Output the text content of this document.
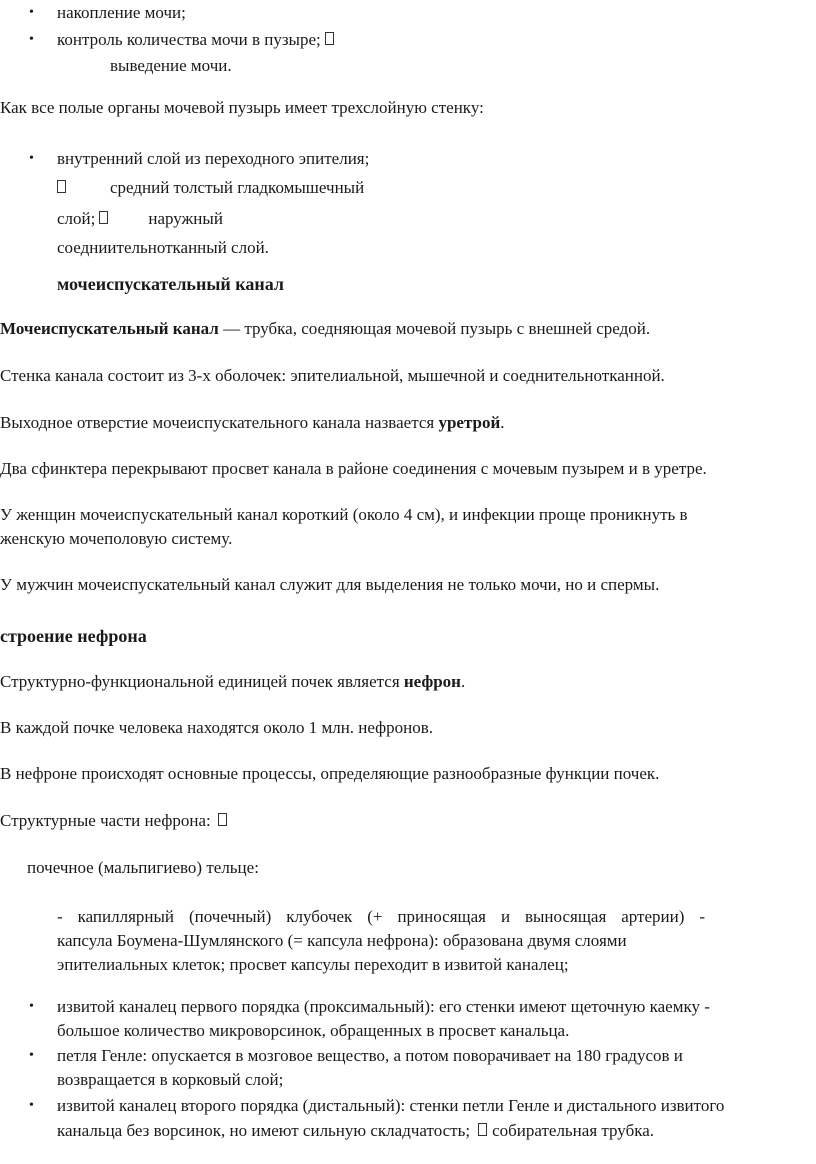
• накопление мочи;
• контроль количества мочи в пузыре;
выведение мочи.
Как все полые органы мочевой пузырь имеет трехслойную стенку:
• внутренний слой из переходного эпителия;
средний толстый гладкомышечный
слой;	наружный
соедниительнотканный слой.
мочеиспускательный канал
Мочеиспускательный канал — трубка, соедняющая мочевой пузырь с внешней средой.
Стенка канала состоит из 3-х оболочек: эпителиальной, мышечной и соеднительнотканной.
Выходное отверстие мочеиспускательного канала назвается уретрой.
Два сфинктера перекрывают просвет канала в районе соединения с мочевым пузырем и в уретре.
У женщин мочеиспускательный канал короткий (около 4 см), и инфекции проще проникнуть в
женскую мочеполовую систему.
У мужчин мочеиспускательный канал служит для выделения не только мочи, но и спермы.
строение нефрона
Структурно-функциональной единицей почек является нефрон.
В каждой почке человека находятся около 1 млн. нефронов.
В нефроне происходят основные процессы, определяющие разнообразные функции почек.
Структурные части нефрона:
почечное (мальпигиево) тельце:
- капиллярный (почечный) клубочек (+ приносящая и выносящая артерии) -
капсула Боумена-Шумлянского (= капсула нефрона): образована двумя слоями
эпителиальных клеток; просвет капсулы переходит в извитой каналец;
• извитой каналец первого порядка (проксимальный): его стенки имеют щеточную каемку -
большое количество микроворсинок, обращенных в просвет канальца.
• петля Генле: опускается в мозговое вещество, а потом поворачивает на 180 градусов и
возвращается в корковый слой;
• извитой каналец второго порядка (дистальный): стенки петли Генле и дистального извитого
канальца без ворсинок, но имеют сильную складчатость; собирательная трубка.
